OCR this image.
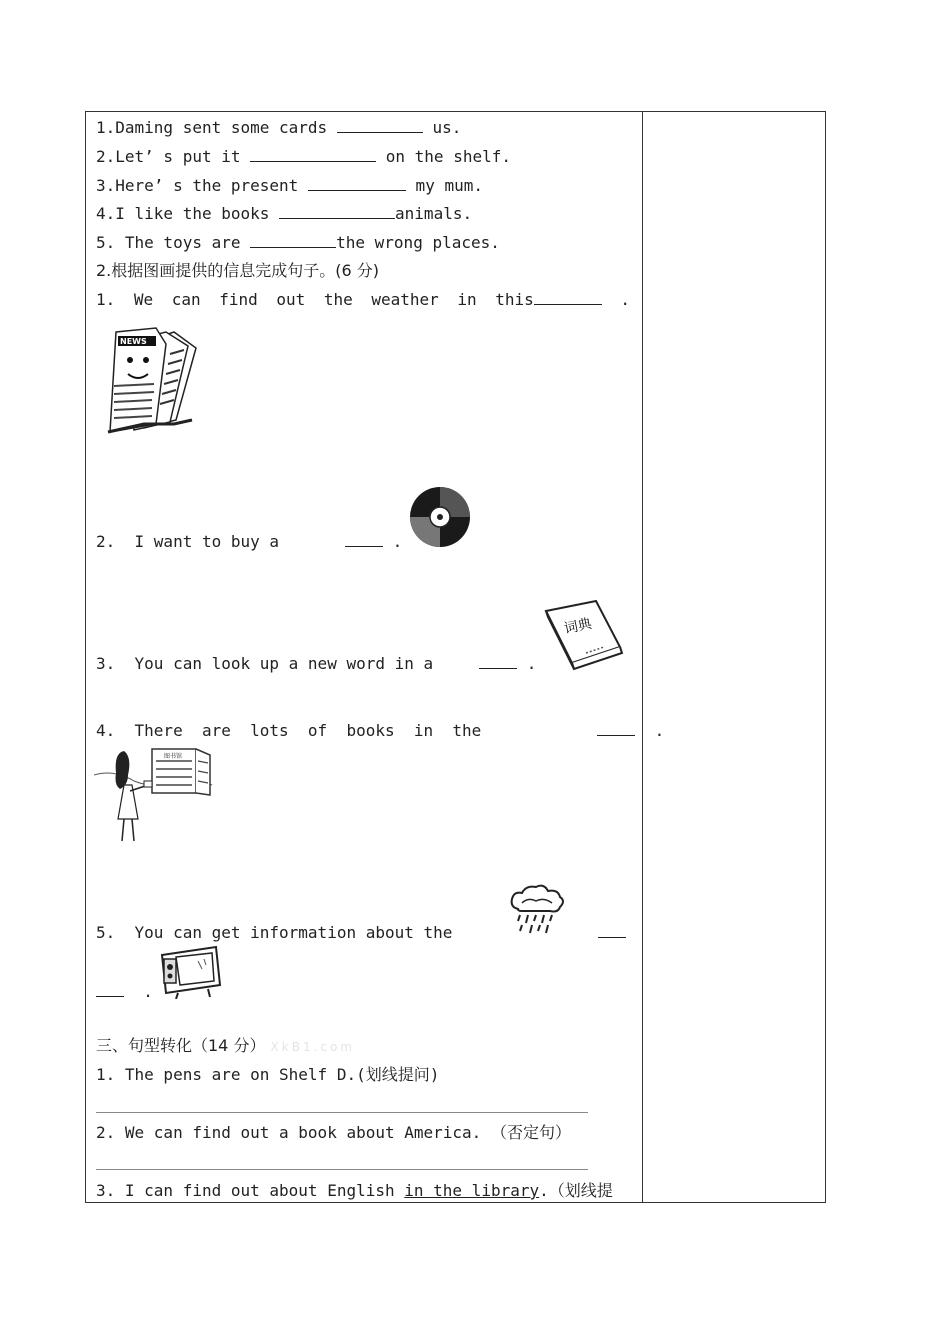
1.Daming sent some cards	us.
2.Let’ s put it	on the shelf.
3.Here’ s the present	my mum.
4.I like the books	animals.
5. The toys are	the wrong places.
2.根据图画提供的信息完成句子。(6 分)
1. We can find out the weather in this	.
NEWS
2.  I want to buy a	.
词典
3.  You can look up a new word in a	.
4.  There  are  lots  of  books  in  the	.
图书馆
5.  You can get information about the
.
三、句型转化（14 分） XkB1.com
1. The pens are on Shelf D.(划线提问)
2. We can find out a book about America. （否定句）
3. I can find out about English in the library.（划线提
